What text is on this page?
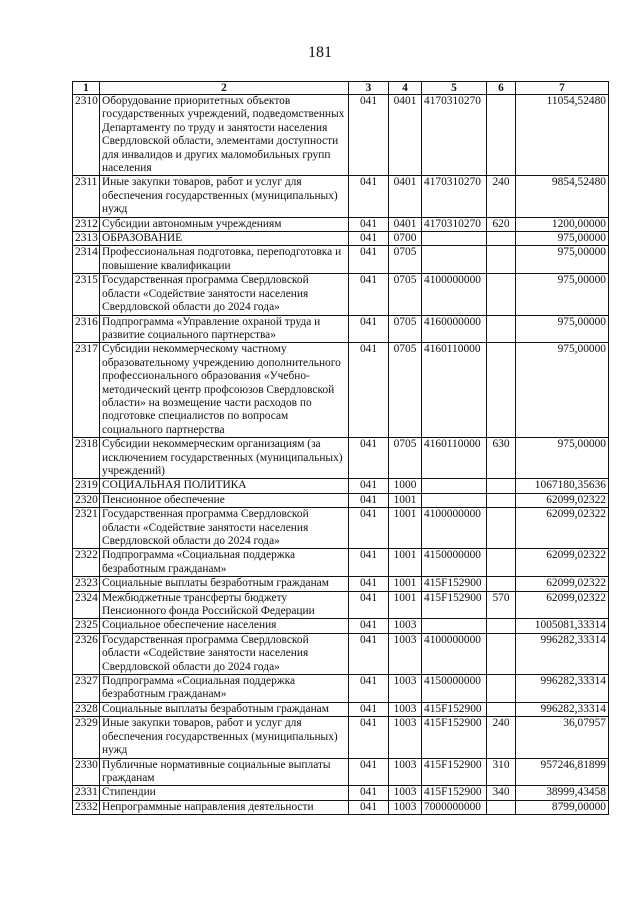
181
1	2	3	4	5	6	7
2310	Оборудование приоритетных объектов государственных учреждений, подведомственных Департаменту по труду и занятости населения Свердловской области, элементами доступности для инвалидов и других маломобильных групп населения	041	0401	4170310270		11054,52480
2311	Иные закупки товаров, работ и услуг для обеспечения государственных (муниципальных) нужд	041	0401	4170310270	240	9854,52480
2312	Субсидии автономным учреждениям	041	0401	4170310270	620	1200,00000
2313	ОБРАЗОВАНИЕ	041	0700			975,00000
2314	Профессиональная подготовка, переподготовка и повышение квалификации	041	0705			975,00000
2315	Государственная программа Свердловской области «Содействие занятости населения Свердловской области до 2024 года»	041	0705	4100000000		975,00000
2316	Подпрограмма «Управление охраной труда и развитие социального партнерства»	041	0705	4160000000		975,00000
2317	Субсидии некоммерческому частному образовательному учреждению дополнительного профессионального образования «Учебно-методический центр профсоюзов Свердловской области» на возмещение части расходов по подготовке специалистов по вопросам социального партнерства	041	0705	4160110000		975,00000
2318	Субсидии некоммерческим организациям (за исключением государственных (муниципальных) учреждений)	041	0705	4160110000	630	975,00000
2319	СОЦИАЛЬНАЯ ПОЛИТИКА	041	1000			1067180,35636
2320	Пенсионное обеспечение	041	1001			62099,02322
2321	Государственная программа Свердловской области «Содействие занятости населения Свердловской области до 2024 года»	041	1001	4100000000		62099,02322
2322	Подпрограмма «Социальная поддержка безработным гражданам»	041	1001	4150000000		62099,02322
2323	Социальные выплаты безработным гражданам	041	1001	415F152900		62099,02322
2324	Межбюджетные трансферты бюджету Пенсионного фонда Российской Федерации	041	1001	415F152900	570	62099,02322
2325	Социальное обеспечение населения	041	1003			1005081,33314
2326	Государственная программа Свердловской области «Содействие занятости населения Свердловской области до 2024 года»	041	1003	4100000000		996282,33314
2327	Подпрограмма «Социальная поддержка безработным гражданам»	041	1003	4150000000		996282,33314
2328	Социальные выплаты безработным гражданам	041	1003	415F152900		996282,33314
2329	Иные закупки товаров, работ и услуг для обеспечения государственных (муниципальных) нужд	041	1003	415F152900	240	36,07957
2330	Публичные нормативные социальные выплаты гражданам	041	1003	415F152900	310	957246,81899
2331	Стипендии	041	1003	415F152900	340	38999,43458
2332	Непрограммные направления деятельности	041	1003	7000000000		8799,00000
